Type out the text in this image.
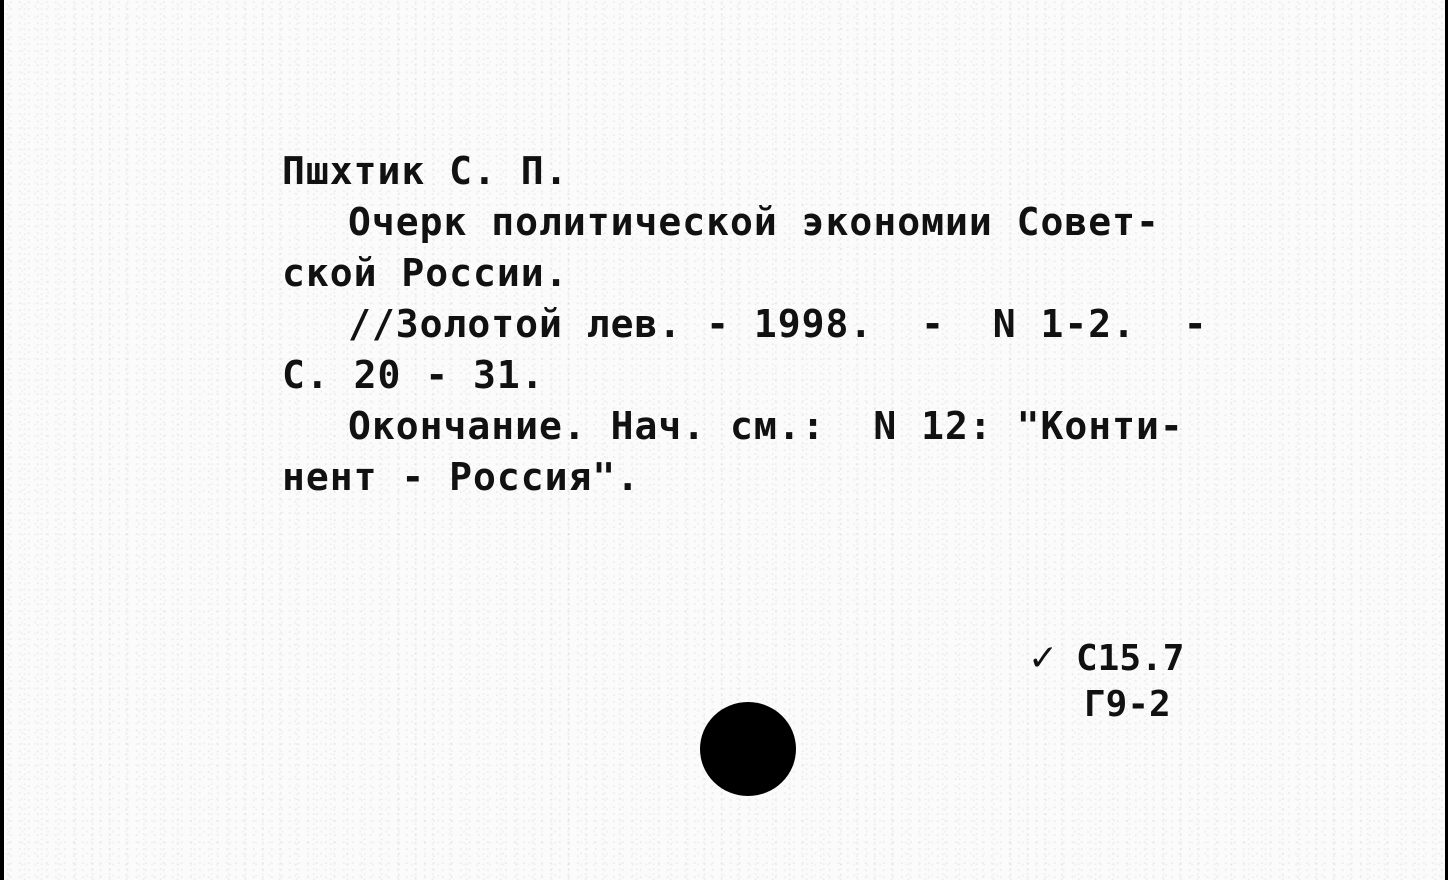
Пшхтик С. П.
Очерк политической экономии Совет-
ской России.
//Золотой лев. - 1998.  -  N 1-2.  -
С. 20 - 31.
Окончание. Нач. см.:  N 12: "Конти-
нент - Россия".
✓ С15.7
Г9-2
